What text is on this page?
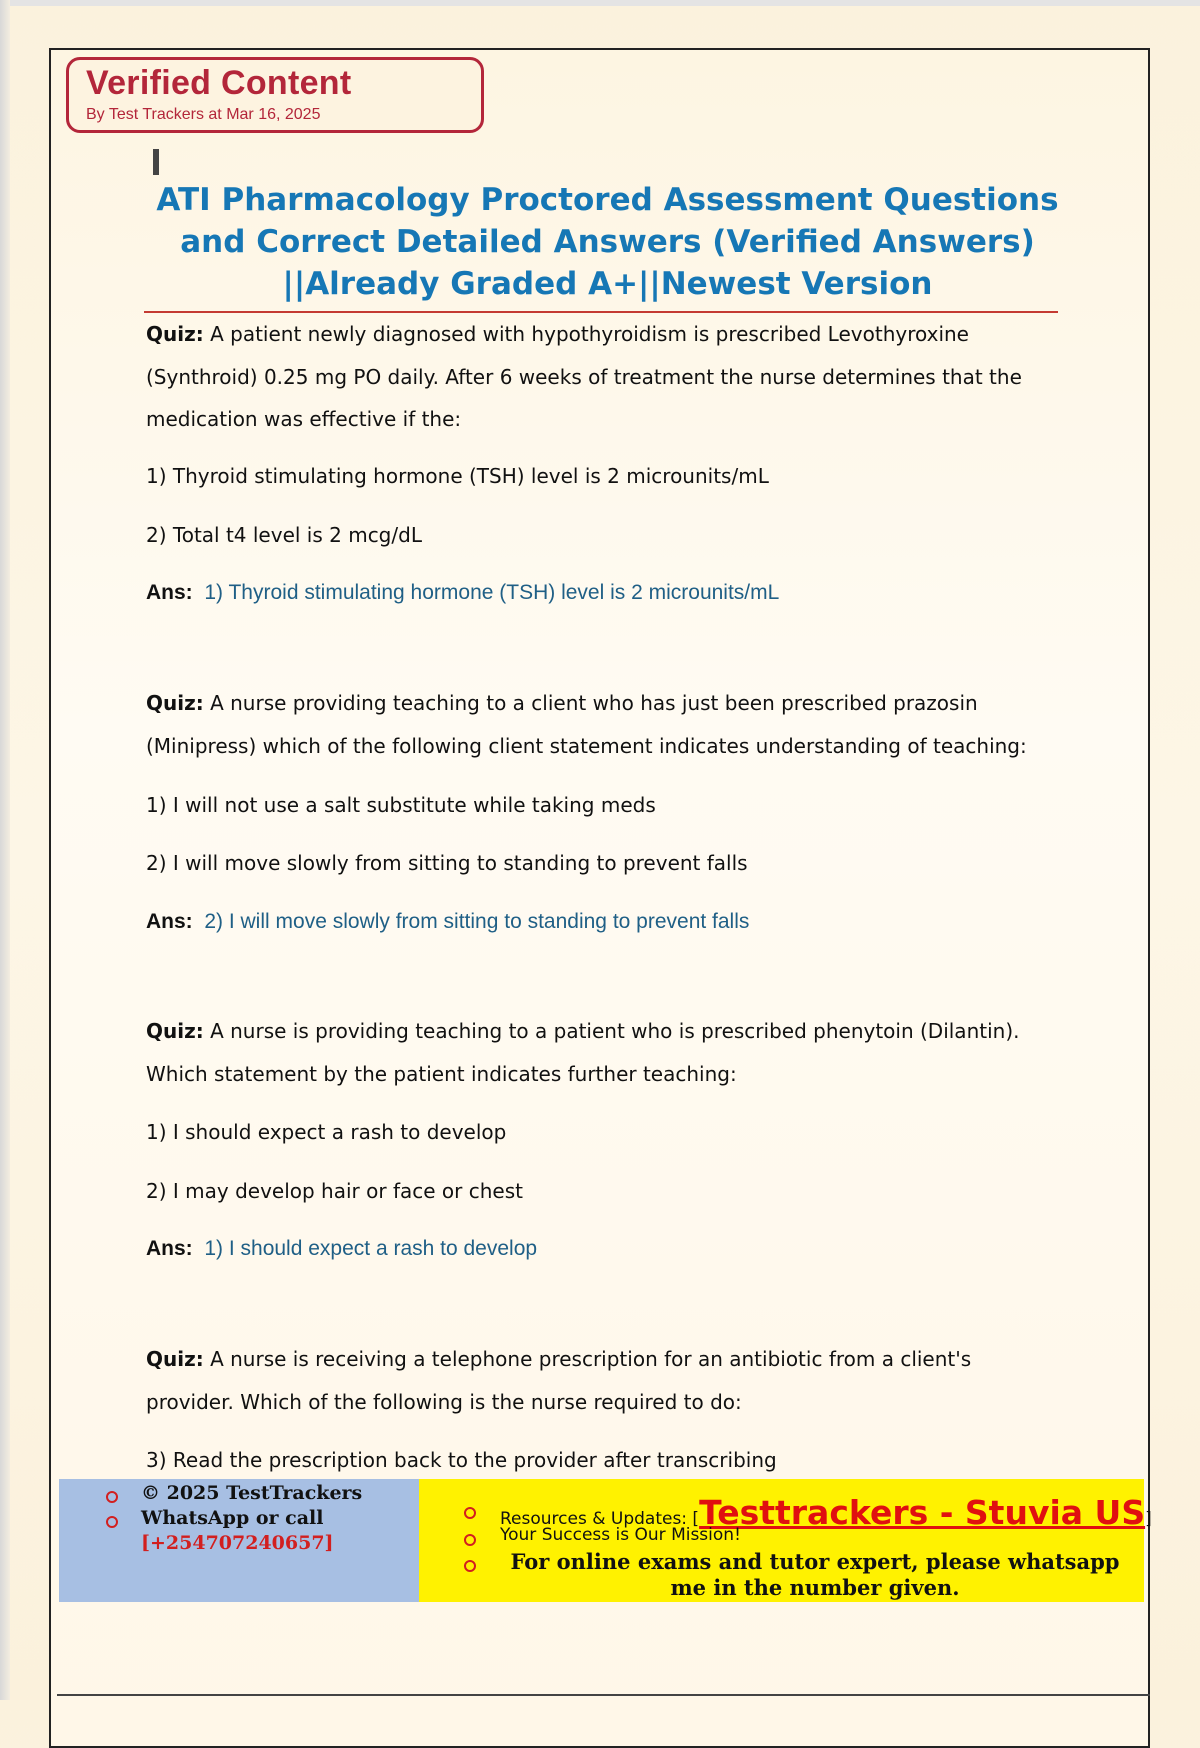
Verified Content
By Test Trackers at Mar 16, 2025
ATI Pharmacology Proctored Assessment Questions
and Correct Detailed Answers (Verified Answers)
||Already Graded A+||Newest Version
Quiz: A patient newly diagnosed with hypothyroidism is prescribed Levothyroxine
(Synthroid) 0.25 mg PO daily. After 6 weeks of treatment the nurse determines that the
medication was effective if the:
1) Thyroid stimulating hormone (TSH) level is 2 microunits/mL
2) Total t4 level is 2 mcg/dL
Ans: 1) Thyroid stimulating hormone (TSH) level is 2 microunits/mL
Quiz: A nurse providing teaching to a client who has just been prescribed prazosin
(Minipress) which of the following client statement indicates understanding of teaching:
1) I will not use a salt substitute while taking meds
2) I will move slowly from sitting to standing to prevent falls
Ans: 2) I will move slowly from sitting to standing to prevent falls
Quiz: A nurse is providing teaching to a patient who is prescribed phenytoin (Dilantin).
Which statement by the patient indicates further teaching:
1) I should expect a rash to develop
2) I may develop hair or face or chest
Ans: 1) I should expect a rash to develop
Quiz: A nurse is receiving a telephone prescription for an antibiotic from a client's
provider. Which of the following is the nurse required to do:
3) Read the prescription back to the provider after transcribing
© 2025 TestTrackers
WhatsApp or call
[+254707240657]
Resources & Updates: [Testtrackers - Stuvia US]
Your Success is Our Mission!
For online exams and tutor expert, please whatsapp me in the number given.
